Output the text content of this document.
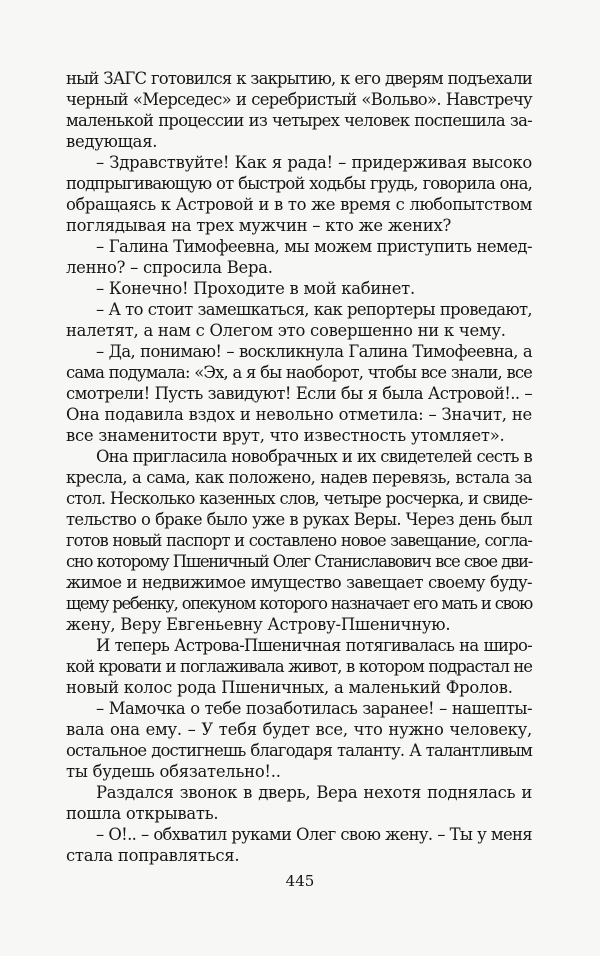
ный ЗАГС готовился к закрытию, к его дверям подъехали
черный «Мерседес» и серебристый «Вольво». Навстречу
маленькой процессии из четырех человек поспешила за-
ведующая.
– Здравствуйте! Как я рада! – придерживая высоко
подпрыгивающую от быстрой ходьбы грудь, говорила она,
обращаясь к Астровой и в то же время с любопытством
поглядывая на трех мужчин – кто же жених?
– Галина Тимофеевна, мы можем приступить немед-
ленно? – спросила Вера.
– Конечно! Проходите в мой кабинет.
– А то стоит замешкаться, как репортеры проведают,
налетят, а нам с Олегом это совершенно ни к чему.
– Да, понимаю! – воскликнула Галина Тимофеевна, а
сама подумала: «Эх, а я бы наоборот, чтобы все знали, все
смотрели! Пусть завидуют! Если бы я была Астровой!.. –
Она подавила вздох и невольно отметила: – Значит, не
все знаменитости врут, что известность утомляет».
Она пригласила новобрачных и их свидетелей сесть в
кресла, а сама, как положено, надев перевязь, встала за
стол. Несколько казенных слов, четыре росчерка, и свиде-
тельство о браке было уже в руках Веры. Через день был
готов новый паспорт и составлено новое завещание, согла-
сно которому Пшеничный Олег Станиславович все свое дви-
жимое и недвижимое имущество завещает своему буду-
щему ребенку, опекуном которого назначает его мать и свою
жену, Веру Евгеньевну Астрову-Пшеничную.
И теперь Астрова-Пшеничная потягивалась на широ-
кой кровати и поглаживала живот, в котором подрастал не
новый колос рода Пшеничных, а маленький Фролов.
– Мамочка о тебе позаботилась заранее! – нашепты-
вала она ему. – У тебя будет все, что нужно человеку,
остальное достигнешь благодаря таланту. А талантливым
ты будешь обязательно!..
Раздался звонок в дверь, Вера нехотя поднялась и
пошла открывать.
– О!.. – обхватил руками Олег свою жену. – Ты у меня
стала поправляться.
445
